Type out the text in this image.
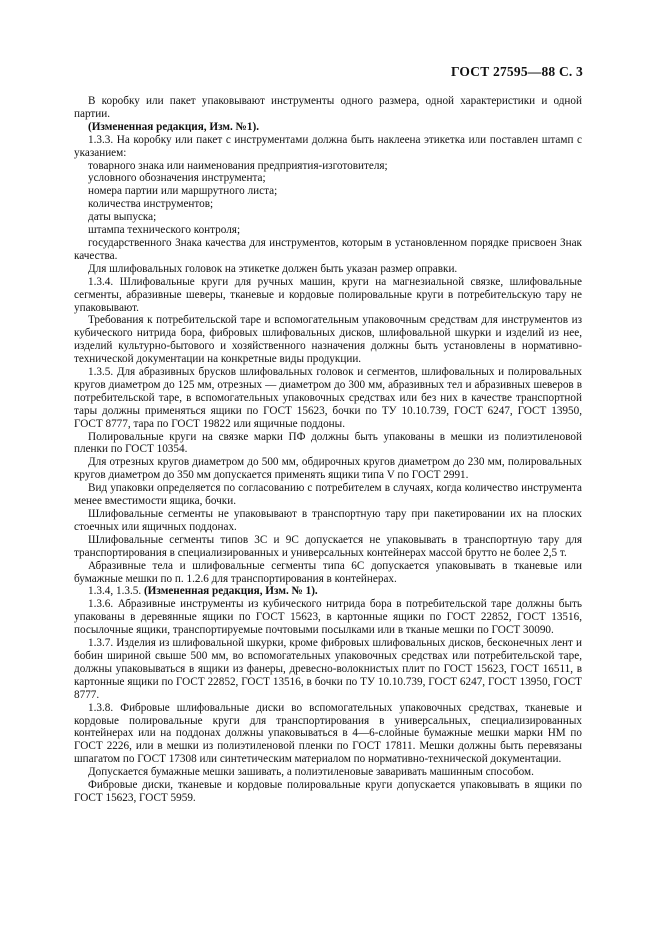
ГОСТ 27595—88 С. 3

В коробку или пакет упаковывают инструменты одного размера, одной характеристики и одной партии.

(Измененная редакция, Изм. №1).

1.3.3. На коробку или пакет с инструментами должна быть наклеена этикетка или поставлен штамп с указанием:

товарного знака или наименования предприятия-изготовителя;

условного обозначения инструмента;

номера партии или маршрутного листа;

количества инструментов;

даты выпуска;

штампа технического контроля;

государственного Знака качества для инструментов, которым в установленном порядке присвоен Знак качества.

Для шлифовальных головок на этикетке должен быть указан размер оправки.

1.3.4. Шлифовальные круги для ручных машин, круги на магнезиальной связке, шлифовальные сегменты, абразивные шеверы, тканевые и кордовые полировальные круги в потребительскую тару не упаковывают.

Требования к потребительской таре и вспомогательным упаковочным средствам для инструментов из кубического нитрида бора, фибровых шлифовальных дисков, шлифовальной шкурки и изделий из нее, изделий культурно-бытового и хозяйственного назначения должны быть установлены в нормативно-технической документации на конкретные виды продукции.

1.3.5. Для абразивных брусков шлифовальных головок и сегментов, шлифовальных и полировальных кругов диаметром до 125 мм, отрезных — диаметром до 300 мм, абразивных тел и абразивных шеверов в потребительской таре, в вспомогательных упаковочных средствах или без них в качестве транспортной тары должны применяться ящики по ГОСТ 15623, бочки по ТУ 10.10.739, ГОСТ 6247, ГОСТ 13950, ГОСТ 8777, тара по ГОСТ 19822 или ящичные поддоны.

Полировальные круги на связке марки ПФ должны быть упакованы в мешки из полиэтиленовой пленки по ГОСТ 10354.

Для отрезных кругов диаметром до 500 мм, обдирочных кругов диаметром до 230 мм, полировальных кругов диаметром до 350 мм допускается применять ящики типа V по ГОСТ 2991.

Вид упаковки определяется по согласованию с потребителем в случаях, когда количество инструмента менее вместимости ящика, бочки.

Шлифовальные сегменты не упаковывают в транспортную тару при пакетировании их на плоских стоечных или ящичных поддонах.

Шлифовальные сегменты типов 3С и 9С допускается не упаковывать в транспортную тару для транспортирования в специализированных и универсальных контейнерах массой брутто не более 2,5 т.

Абразивные тела и шлифовальные сегменты типа 6С допускается упаковывать в тканевые или бумажные мешки по п. 1.2.6 для транспортирования в контейнерах.

1.3.4, 1.3.5. (Измененная редакция, Изм. № 1).

1.3.6. Абразивные инструменты из кубического нитрида бора в потребительской таре должны быть упакованы в деревянные ящики по ГОСТ 15623, в картонные ящики по ГОСТ 22852, ГОСТ 13516, посылочные ящики, транспортируемые почтовыми посылками или в тканые мешки по ГОСТ 30090.

1.3.7. Изделия из шлифовальной шкурки, кроме фибровых шлифовальных дисков, бесконечных лент и бобин шириной свыше 500 мм, во вспомогательных упаковочных средствах или потребительской таре, должны упаковываться в ящики из фанеры, древесно-волокнистых плит по ГОСТ 15623, ГОСТ 16511, в картонные ящики по ГОСТ 22852, ГОСТ 13516, в бочки по ТУ 10.10.739, ГОСТ 6247, ГОСТ 13950, ГОСТ 8777.

1.3.8. Фибровые шлифовальные диски во вспомогательных упаковочных средствах, тканевые и кордовые полировальные круги для транспортирования в универсальных, специализированных контейнерах или на поддонах должны упаковываться в 4—6-слойные бумажные мешки марки НМ по ГОСТ 2226, или в мешки из полиэтиленовой пленки по ГОСТ 17811. Мешки должны быть перевязаны шпагатом по ГОСТ 17308 или синтетическим материалом по нормативно-технической документации.

Допускается бумажные мешки зашивать, а полиэтиленовые заваривать машинным способом.

Фибровые диски, тканевые и кордовые полировальные круги допускается упаковывать в ящики по ГОСТ 15623, ГОСТ 5959.
